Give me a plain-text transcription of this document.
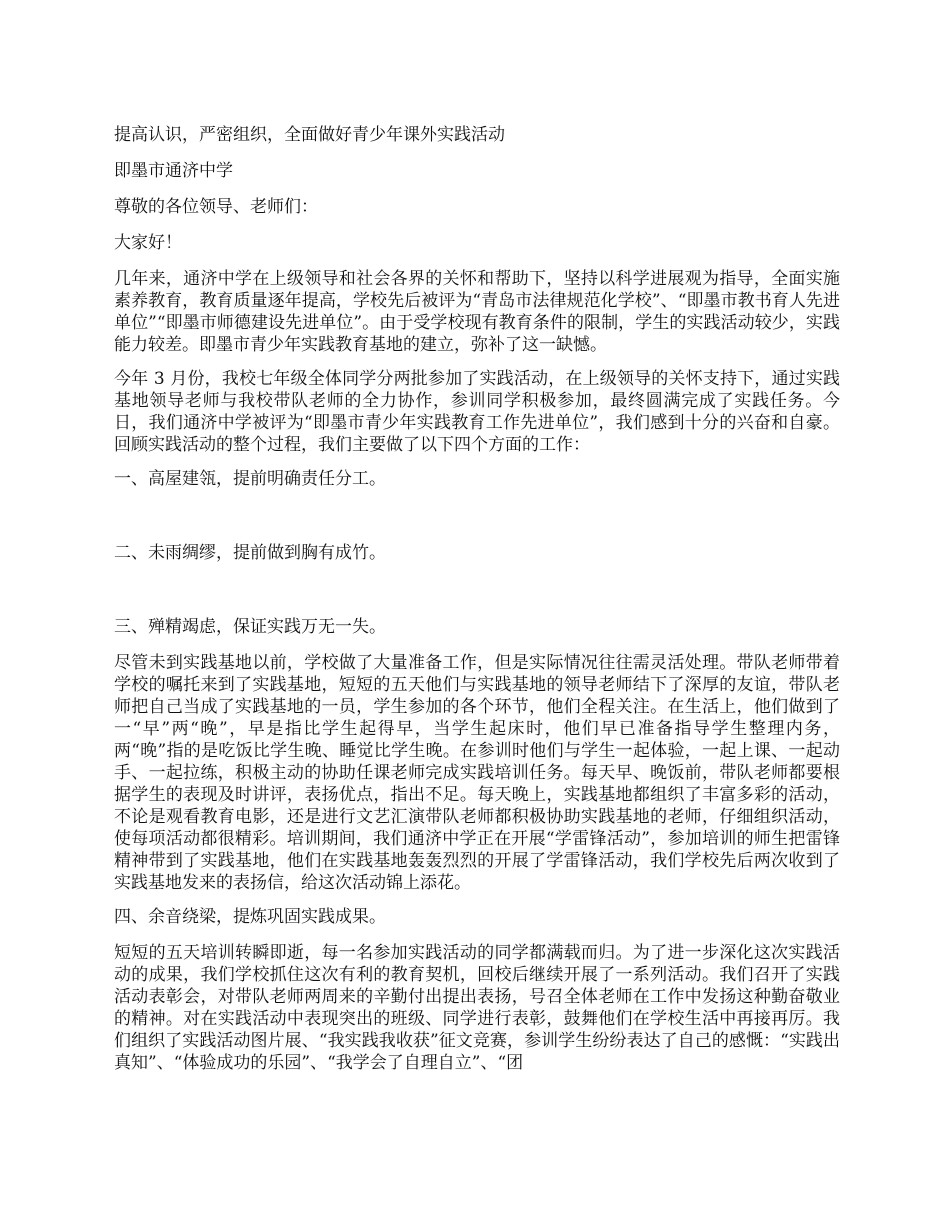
提高认识，严密组织，全面做好青少年课外实践活动

即墨市通济中学

尊敬的各位领导、老师们：

大家好！

几年来，通济中学在上级领导和社会各界的关怀和帮助下，坚持以科学进展观为指导，全面实施素养教育，教育质量逐年提高，学校先后被评为“青岛市法律规范化学校”、“即墨市教书育人先进单位”“即墨市师德建设先进单位”。由于受学校现有教育条件的限制，学生的实践活动较少，实践能力较差。即墨市青少年实践教育基地的建立，弥补了这一缺憾。

今年 3 月份，我校七年级全体同学分两批参加了实践活动，在上级领导的关怀支持下，通过实践基地领导老师与我校带队老师的全力协作，参训同学积极参加，最终圆满完成了实践任务。今日，我们通济中学被评为“即墨市青少年实践教育工作先进单位”，我们感到十分的兴奋和自豪。回顾实践活动的整个过程，我们主要做了以下四个方面的工作：

一、高屋建瓴，提前明确责任分工。

二、未雨绸缪，提前做到胸有成竹。

三、殚精竭虑，保证实践万无一失。

尽管未到实践基地以前，学校做了大量准备工作，但是实际情况往往需灵活处理。带队老师带着学校的嘱托来到了实践基地，短短的五天他们与实践基地的领导老师结下了深厚的友谊，带队老师把自己当成了实践基地的一员，学生参加的各个环节，他们全程关注。在生活上，他们做到了一“早”两“晚”，早是指比学生起得早，当学生起床时，他们早已准备指导学生整理内务，两“晚”指的是吃饭比学生晚、睡觉比学生晚。在参训时他们与学生一起体验，一起上课、一起动手、一起拉练，积极主动的协助任课老师完成实践培训任务。每天早、晚饭前，带队老师都要根据学生的表现及时讲评，表扬优点，指出不足。每天晚上，实践基地都组织了丰富多彩的活动，不论是观看教育电影，还是进行文艺汇演带队老师都积极协助实践基地的老师，仔细组织活动，使每项活动都很精彩。培训期间，我们通济中学正在开展“学雷锋活动”，参加培训的师生把雷锋精神带到了实践基地，他们在实践基地轰轰烈烈的开展了学雷锋活动，我们学校先后两次收到了实践基地发来的表扬信，给这次活动锦上添花。

四、余音绕梁，提炼巩固实践成果。

短短的五天培训转瞬即逝，每一名参加实践活动的同学都满载而归。为了进一步深化这次实践活动的成果，我们学校抓住这次有利的教育契机，回校后继续开展了一系列活动。我们召开了实践活动表彰会，对带队老师两周来的辛勤付出提出表扬，号召全体老师在工作中发扬这种勤奋敬业的精神。对在实践活动中表现突出的班级、同学进行表彰，鼓舞他们在学校生活中再接再厉。我们组织了实践活动图片展、“我实践我收获”征文竞赛，参训学生纷纷表达了自己的感慨：“实践出真知”、“体验成功的乐园”、“我学会了自理自立”、“团
